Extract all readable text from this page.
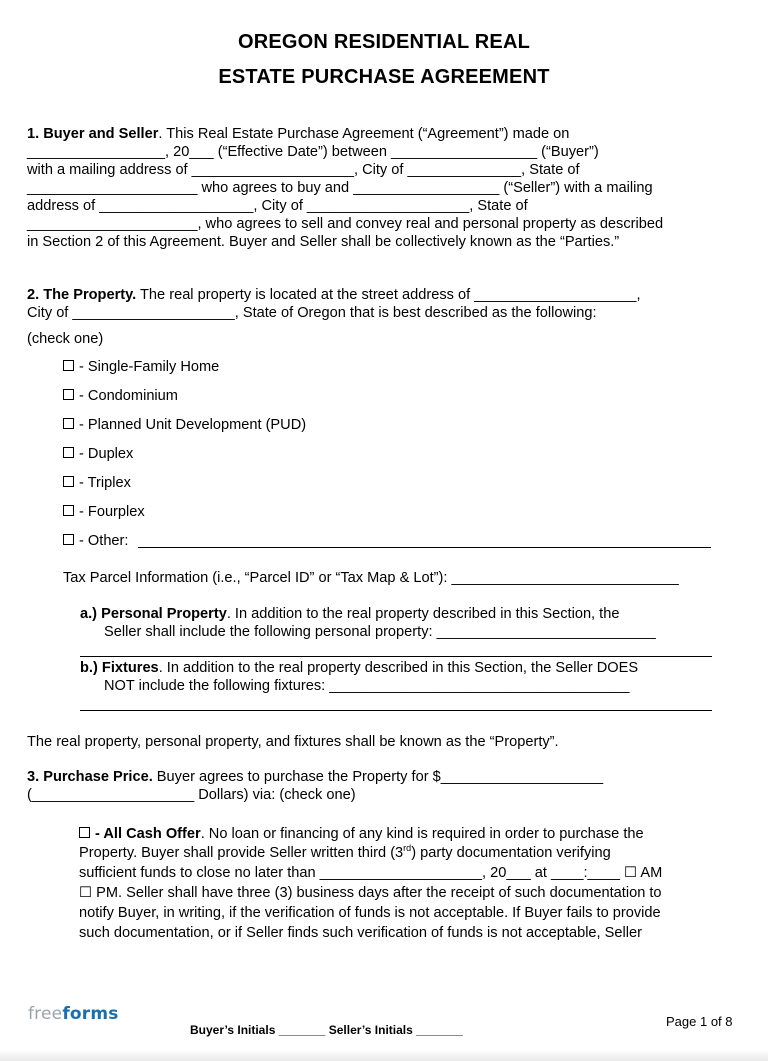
OREGON RESIDENTIAL REAL
ESTATE PURCHASE AGREEMENT
1. Buyer and Seller. This Real Estate Purchase Agreement (“Agreement”) made on
_________________, 20___ (“Effective Date”) between __________________ (“Buyer”)
with a mailing address of ____________________, City of ______________, State of
_____________________ who agrees to buy and __________________ (“Seller”) with a mailing
address of ___________________, City of ____________________, State of
_____________________, who agrees to sell and convey real and personal property as described
in Section 2 of this Agreement. Buyer and Seller shall be collectively known as the “Parties.”
2. The Property. The real property is located at the street address of ____________________,
City of ____________________, State of Oregon that is best described as the following:
(check one)
- Single-Family Home
- Condominium
- Planned Unit Development (PUD)
- Duplex
- Triplex
- Fourplex
- Other:
Tax Parcel Information (i.e., “Parcel ID” or “Tax Map & Lot”): ____________________________
a.) Personal Property. In addition to the real property described in this Section, the
Seller shall include the following personal property: ___________________________
b.) Fixtures. In addition to the real property described in this Section, the Seller DOES
NOT include the following fixtures: _____________________________________
The real property, personal property, and fixtures shall be known as the “Property”.
3. Purchase Price. Buyer agrees to purchase the Property for $____________________
(____________________ Dollars) via: (check one)
- All Cash Offer. No loan or financing of any kind is required in order to purchase the
Property. Buyer shall provide Seller written third (3rd) party documentation verifying
sufficient funds to close no later than ____________________, 20___ at ____:____ ☐ AM
☐ PM. Seller shall have three (3) business days after the receipt of such documentation to
notify Buyer, in writing, if the verification of funds is not acceptable. If Buyer fails to provide
such documentation, or if Seller finds such verification of funds is not acceptable, Seller
freeforms
Buyer’s Initials _______ Seller’s Initials _______
Page 1 of 8
